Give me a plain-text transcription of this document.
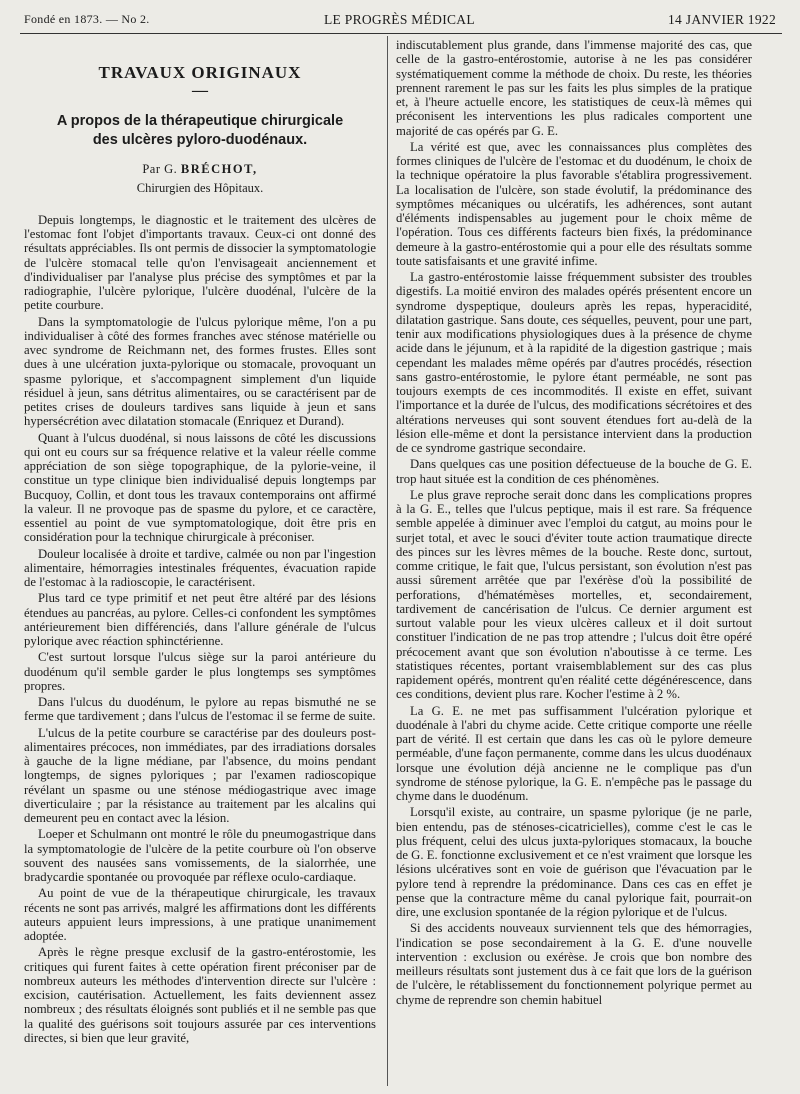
Fondé en 1873. — No 2.	LE PROGRÈS MÉDICAL	14 JANVIER 1922
TRAVAUX ORIGINAUX
—
A propos de la thérapeutique chirurgicale
des ulcères pyloro-duodénaux.
Par G. BRÉCHOT,
Chirurgien des Hôpitaux.

Depuis longtemps, le diagnostic et le traitement des ulcères de l'estomac font l'objet d'importants travaux. Ceux-ci ont donné des résultats appréciables. Ils ont permis de dissocier la symptomatologie de l'ulcère stomacal telle qu'on l'envisageait anciennement et d'individualiser par l'analyse plus précise des symptômes et par la radiographie, l'ulcère pylorique, l'ulcère duodénal, l'ulcère de la petite courbure.

Dans la symptomatologie de l'ulcus pylorique même, l'on a pu individualiser à côté des formes franches avec sténose matérielle ou avec syndrome de Reichmann net, des formes frustes. Elles sont dues à une ulcération juxta-pylorique ou stomacale, provoquant un spasme pylorique, et s'accompagnent simplement d'un liquide résiduel à jeun, sans détritus alimentaires, ou se caractérisent par de petites crises de douleurs tardives sans liquide à jeun et sans hypersécrétion avec dilatation stomacale (Enriquez et Durand).

Quant à l'ulcus duodénal, si nous laissons de côté les discussions qui ont eu cours sur sa fréquence relative et la valeur réelle comme appréciation de son siège topographique, de la pylorie-veine, il constitue un type clinique bien individualisé depuis longtemps par Bucquoy, Collin, et dont tous les travaux contemporains ont affirmé la valeur. Il ne provoque pas de spasme du pylore, et ce caractère, essentiel au point de vue symptomatologique, doit être pris en considération pour la technique chirurgicale à préconiser.

Douleur localisée à droite et tardive, calmée ou non par l'ingestion alimentaire, hémorragies intestinales fréquentes, évacuation rapide de l'estomac à la radioscopie, le caractérisent.

Plus tard ce type primitif et net peut être altéré par des lésions étendues au pancréas, au pylore. Celles-ci confondent les symptômes antérieurement bien différenciés, dans l'allure générale de l'ulcus pylorique avec réaction sphinctérienne.

C'est surtout lorsque l'ulcus siège sur la paroi antérieure du duodénum qu'il semble garder le plus longtemps ses symptômes propres.

Dans l'ulcus du duodénum, le pylore au repas bismuthé ne se ferme que tardivement ; dans l'ulcus de l'estomac il se ferme de suite.

L'ulcus de la petite courbure se caractérise par des douleurs post-alimentaires précoces, non immédiates, par des irradiations dorsales à gauche de la ligne médiane, par l'absence, du moins pendant longtemps, de signes pyloriques ; par l'examen radioscopique révélant un spasme ou une sténose médiogastrique avec image diverticulaire ; par la résistance au traitement par les alcalins qui demeurent peu en contact avec la lésion.

Loeper et Schulmann ont montré le rôle du pneumogastrique dans la symptomatologie de l'ulcère de la petite courbure où l'on observe souvent des nausées sans vomissements, de la sialorrhée, une bradycardie spontanée ou provoquée par réflexe oculo-cardiaque.

Au point de vue de la thérapeutique chirurgicale, les travaux récents ne sont pas arrivés, malgré les affirmations dont les différents auteurs appuient leurs impressions, à une pratique unanimement adoptée.

Après le règne presque exclusif de la gastro-entérostomie, les critiques qui furent faites à cette opération firent préconiser par de nombreux auteurs les méthodes d'intervention directe sur l'ulcère : excision, cautérisation. Actuellement, les faits deviennent assez nombreux ; des résultats éloignés sont publiés et il ne semble pas que la qualité des guérisons soit toujours assurée par ces interventions directes, si bien que leur gravité,

indiscutablement plus grande, dans l'immense majorité des cas, que celle de la gastro-entérostomie, autorise à ne les pas considérer systématiquement comme la méthode de choix. Du reste, les théories prennent rarement le pas sur les faits les plus simples de la pratique et, à l'heure actuelle encore, les statistiques de ceux-là mêmes qui préconisent les interventions les plus radicales comportent une majorité de cas opérés par G. E.

La vérité est que, avec les connaissances plus complètes des formes cliniques de l'ulcère de l'estomac et du duodénum, le choix de la technique opératoire la plus favorable s'établira progressivement. La localisation de l'ulcère, son stade évolutif, la prédominance des symptômes mécaniques ou ulcératifs, les adhérences, sont autant d'éléments indispensables au jugement pour le choix même de l'opération. Tous ces différents facteurs bien fixés, la prédominance demeure à la gastro-entérostomie qui a pour elle des résultats somme toute satisfaisants et une gravité infime.

La gastro-entérostomie laisse fréquemment subsister des troubles digestifs. La moitié environ des malades opérés présentent encore un syndrome dyspeptique, douleurs après les repas, hyperacidité, dilatation gastrique. Sans doute, ces séquelles, peuvent, pour une part, tenir aux modifications physiologiques dues à la présence de chyme acide dans le jéjunum, et à la rapidité de la digestion gastrique ; mais cependant les malades même opérés par d'autres procédés, résection sans gastro-entérostomie, le pylore étant perméable, ne sont pas toujours exempts de ces incommodités. Il existe en effet, suivant l'importance et la durée de l'ulcus, des modifications sécrétoires et des altérations nerveuses qui sont souvent étendues fort au-delà de la lésion elle-même et dont la persistance intervient dans la production de ce syndrome gastrique secondaire.

Dans quelques cas une position défectueuse de la bouche de G. E. trop haut située est la condition de ces phénomènes.

Le plus grave reproche serait donc dans les complications propres à la G. E., telles que l'ulcus peptique, mais il est rare. Sa fréquence semble appelée à diminuer avec l'emploi du catgut, au moins pour le surjet total, et avec le souci d'éviter toute action traumatique directe des pinces sur les lèvres mêmes de la bouche. Reste donc, surtout, comme critique, le fait que, l'ulcus persistant, son évolution n'est pas aussi sûrement arrêtée que par l'exérèse d'où la possibilité de perforations, d'hématémèses mortelles, et, secondairement, tardivement de cancérisation de l'ulcus. Ce dernier argument est surtout valable pour les vieux ulcères calleux et il doit surtout constituer l'indication de ne pas trop attendre ; l'ulcus doit être opéré précocement avant que son évolution n'aboutisse à ce terme. Les statistiques récentes, portant vraisemblablement sur des cas plus rapidement opérés, montrent qu'en réalité cette dégénérescence, dans ces conditions, devient plus rare. Kocher l'estime à 2 %.

La G. E. ne met pas suffisamment l'ulcération pylorique et duodénale à l'abri du chyme acide. Cette critique comporte une réelle part de vérité. Il est certain que dans les cas où le pylore demeure perméable, d'une façon permanente, comme dans les ulcus duodénaux lorsque une évolution déjà ancienne ne le complique pas d'un syndrome de sténose pylorique, la G. E. n'empêche pas le passage du chyme dans le duodénum.

Lorsqu'il existe, au contraire, un spasme pylorique (je ne parle, bien entendu, pas de sténoses-cicatricielles), comme c'est le cas le plus fréquent, celui des ulcus juxta-pyloriques stomacaux, la bouche de G. E. fonctionne exclusivement et ce n'est vraiment que lorsque les lésions ulcératives sont en voie de guérison que l'évacuation par le pylore tend à reprendre la prédominance. Dans ces cas en effet je pense que la contracture même du canal pylorique fait, pourrait-on dire, une exclusion spontanée de la région pylorique et de l'ulcus.

Si des accidents nouveaux surviennent tels que des hémorragies, l'indication se pose secondairement à la G. E. d'une nouvelle intervention : exclusion ou exérèse. Je crois que bon nombre des meilleurs résultats sont justement dus à ce fait que lors de la guérison de l'ulcère, le rétablissement du fonctionnement polyrique permet au chyme de reprendre son chemin habituel
